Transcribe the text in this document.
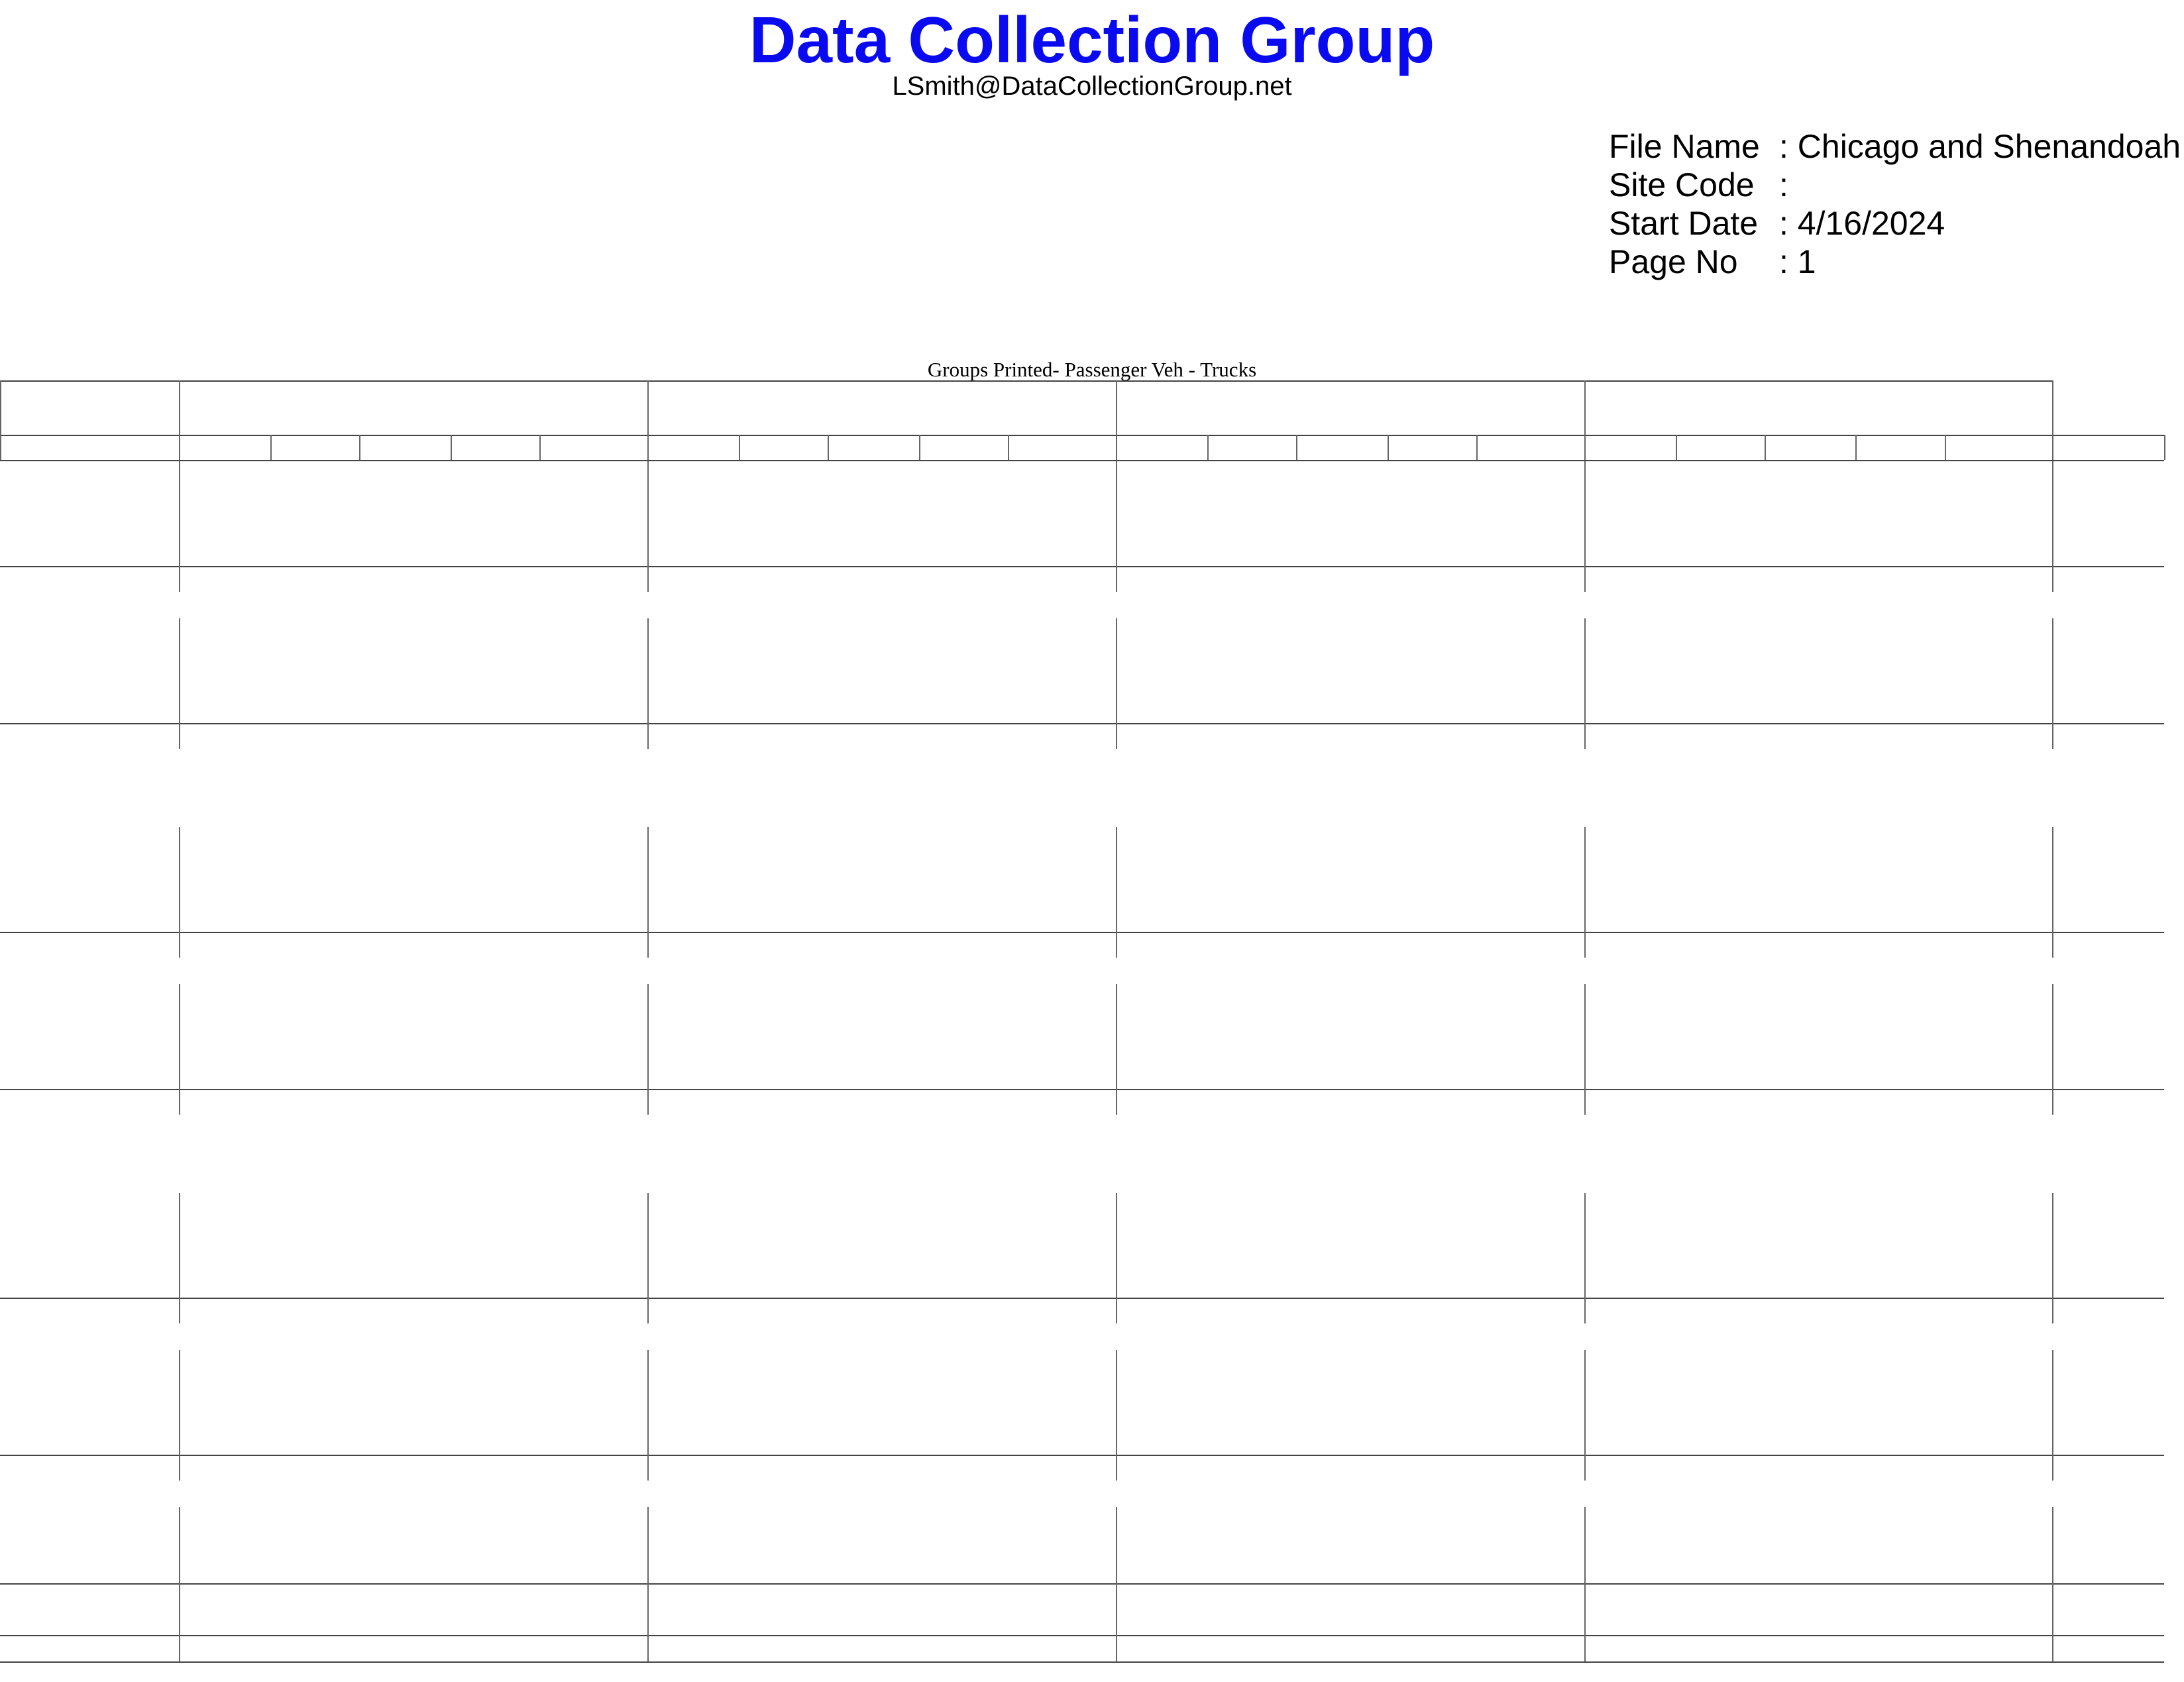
Data Collection Group
LSmith@DataCollectionGroup.net
File Name : Chicago and Shenandoah
Site Code :
Start Date : 4/16/2024
Page No : 1
Groups Printed- Passenger Veh - Trucks
